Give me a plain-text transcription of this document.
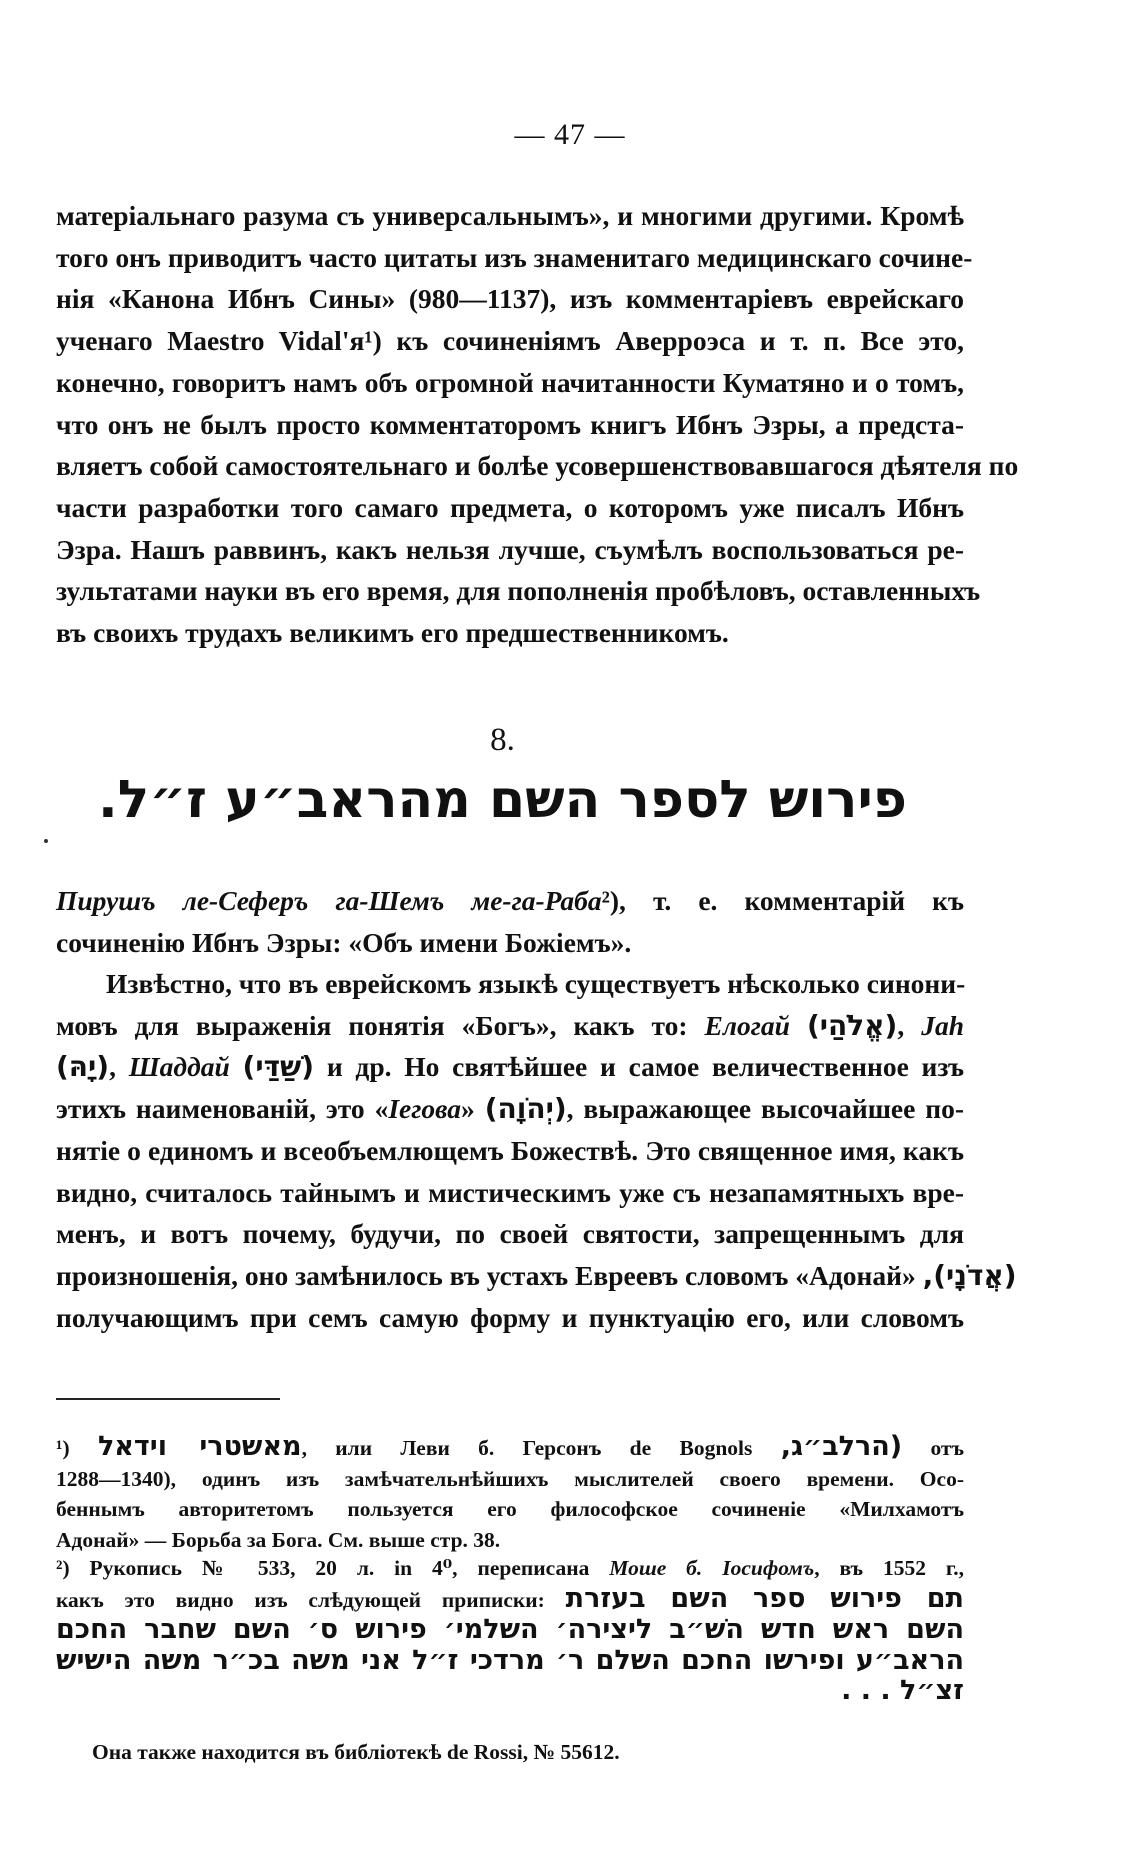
— 47 —
матеріальнаго разума съ универсальнымъ», и многими другими. Кромѣ
того онъ приводитъ часто цитаты изъ знаменитаго медицинскаго сочине-
нія «Канона Ибнъ Сины» (980—1137), изъ комментаріевъ еврейскаго
ученаго Maestro Vidal'я¹) къ сочиненіямъ Аверроэса и т. п. Все это,
конечно, говоритъ намъ объ огромной начитанности Куматяно и о томъ,
что онъ не былъ просто комментаторомъ книгъ Ибнъ Эзры, а предста-
вляетъ собой самостоятельнаго и болѣе усовершенствовавшагося дѣятеля по
части разработки того самаго предмета, о которомъ уже писалъ Ибнъ
Эзра. Нашъ раввинъ, какъ нельзя лучше, съумѣлъ воспользоваться ре-
зультатами науки въ его время, для пополненія пробѣловъ, оставленныхъ
въ своихъ трудахъ великимъ его предшественникомъ.
8.
פירוש לספר השם מהראב״ע ז״ל.
Пирушъ ле-Сеферъ га-Шемъ ме-га-Раба²), т. е. комментарій къ
сочиненію Ибнъ Эзры: «Объ имени Божіемъ».
Извѣстно, что въ еврейскомъ языкѣ существуетъ нѣсколько синони-
мовъ для выраженія понятія «Богъ», какъ то: Елогай (אֱלֹהַי), Jah
(יָהּ), Шаддай (שַׁדַּי) и др. Но святѣйшее и самое величественное изъ
этихъ наименованій, это «Іегова» (יְהֹוָה), выражающее высочайшее по-
нятіе о единомъ и всеобъемлющемъ Божествѣ. Это священное имя, какъ
видно, считалось тайнымъ и мистическимъ уже съ незапамятныхъ вре-
менъ, и вотъ почему, будучи, по своей святости, запрещеннымъ для
произношенія, оно замѣнилось въ устахъ Евреевъ словомъ «Адонай» (אֲדֹנָי),
получающимъ при семъ самую форму и пунктуацію его, или словомъ
¹) מאשטרי וידאל, или Леви б. Герсонъ de Bognols (הרלב״ג, отъ
1288—1340), одинъ изъ замѣчательнѣйшихъ мыслителей своего времени. Осо-
беннымъ авторитетомъ пользуется его философское сочиненіе «Милхамотъ
Адонай» — Борьба за Бога. См. выше стр. 38.
²) Рукопись № 533, 20 л. in 4⁰, переписана Моше б. Іосифомъ, въ 1552 г.,
какъ это видно изъ слѣдующей приписки: תם פירוש ספר השם בעזרת
השם ראש חדש השׁ״ב ליצירה׳ השלמי׳ פירוש ס׳ השם שחבר החכם
הראב״ע ופירשו החכם השלם ר׳ מרדכי ז״ל אני משה בכ״ר משה הישיש
זצ״ל . . .
Она также находится въ библіотекѣ de Rossi, № 55612.
